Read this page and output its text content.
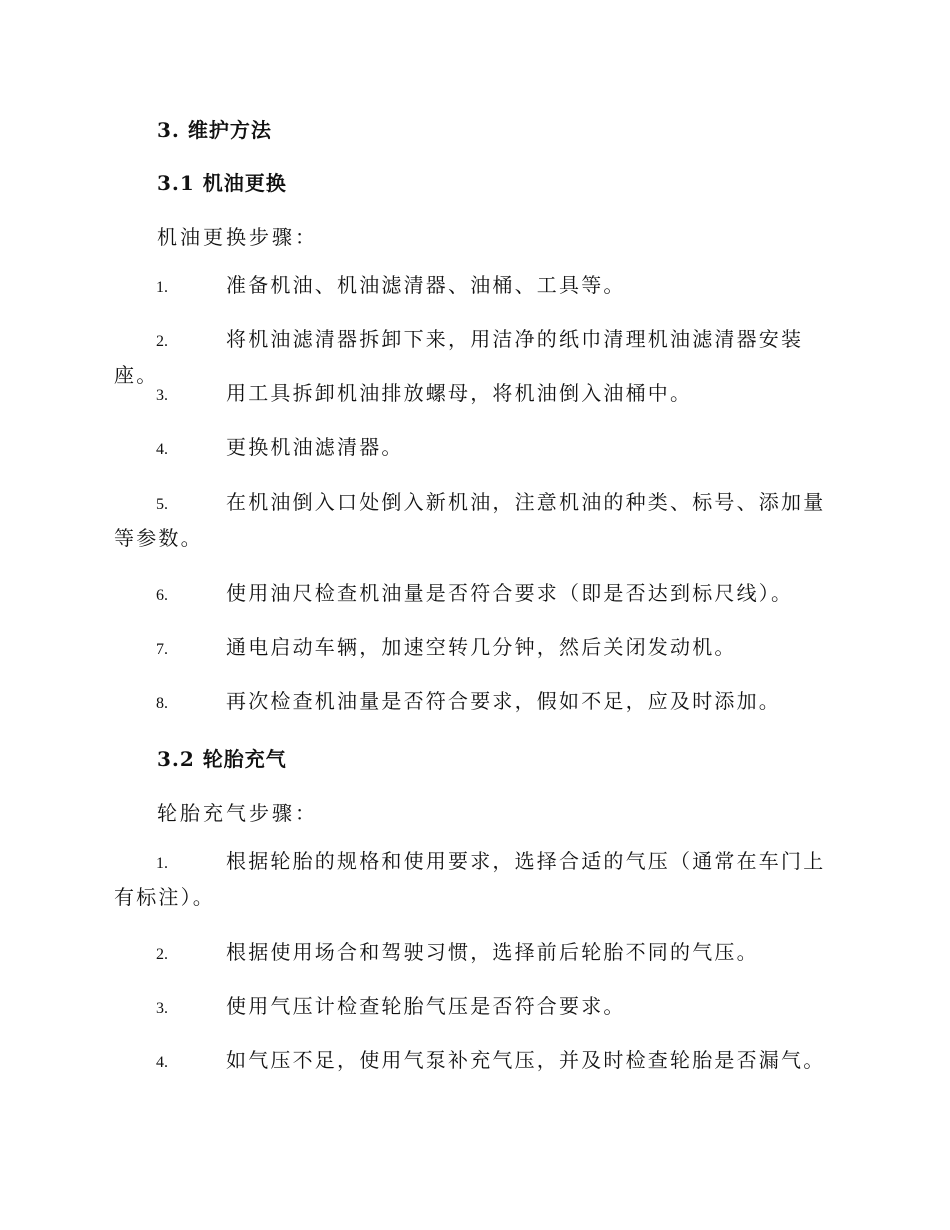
3. 维护方法
3.1 机油更换
机油更换步骤：
1.	准备机油、机油滤清器、油桶、工具等。
2.	将机油滤清器拆卸下来，用洁净的纸巾清理机油滤清器安装座。
3.	用工具拆卸机油排放螺母，将机油倒入油桶中。
4.	更换机油滤清器。
5.	在机油倒入口处倒入新机油，注意机油的种类、标号、添加量等参数。
6.	使用油尺检查机油量是否符合要求（即是否达到标尺线）。
7.	通电启动车辆，加速空转几分钟，然后关闭发动机。
8.	再次检查机油量是否符合要求，假如不足，应及时添加。
3.2 轮胎充气
轮胎充气步骤：
1.	根据轮胎的规格和使用要求，选择合适的气压（通常在车门上有标注）。
2.	根据使用场合和驾驶习惯，选择前后轮胎不同的气压。
3.	使用气压计检查轮胎气压是否符合要求。
4.	如气压不足，使用气泵补充气压，并及时检查轮胎是否漏气。
